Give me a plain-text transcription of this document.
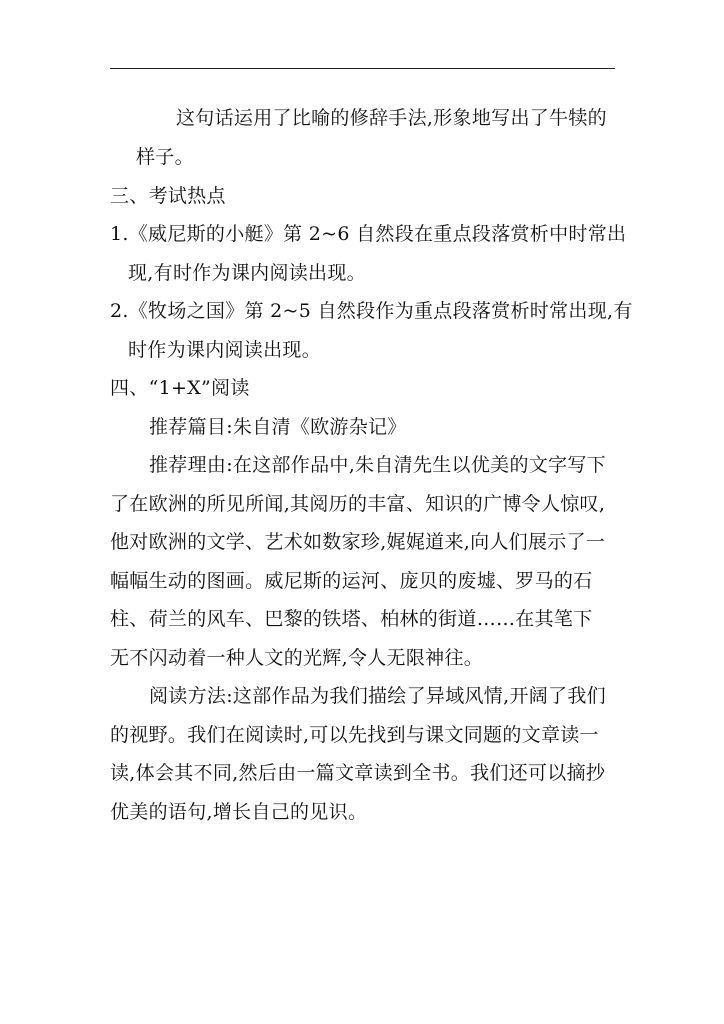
这句话运用了比喻的修辞手法,形象地写出了牛犊的
样子。
三、考试热点
1.《威尼斯的小艇》第 2~6 自然段在重点段落赏析中时常出
现,有时作为课内阅读出现。
2.《牧场之国》第 2~5 自然段作为重点段落赏析时常出现,有
时作为课内阅读出现。
四、“1+X”阅读
推荐篇目:朱自清《欧游杂记》
推荐理由:在这部作品中,朱自清先生以优美的文字写下
了在欧洲的所见所闻,其阅历的丰富、知识的广博令人惊叹,
他对欧洲的文学、艺术如数家珍,娓娓道来,向人们展示了一
幅幅生动的图画。威尼斯的运河、庞贝的废墟、罗马的石
柱、荷兰的风车、巴黎的铁塔、柏林的街道……在其笔下
无不闪动着一种人文的光辉,令人无限神往。
阅读方法:这部作品为我们描绘了异域风情,开阔了我们
的视野。我们在阅读时,可以先找到与课文同题的文章读一
读,体会其不同,然后由一篇文章读到全书。我们还可以摘抄
优美的语句,增长自己的见识。
